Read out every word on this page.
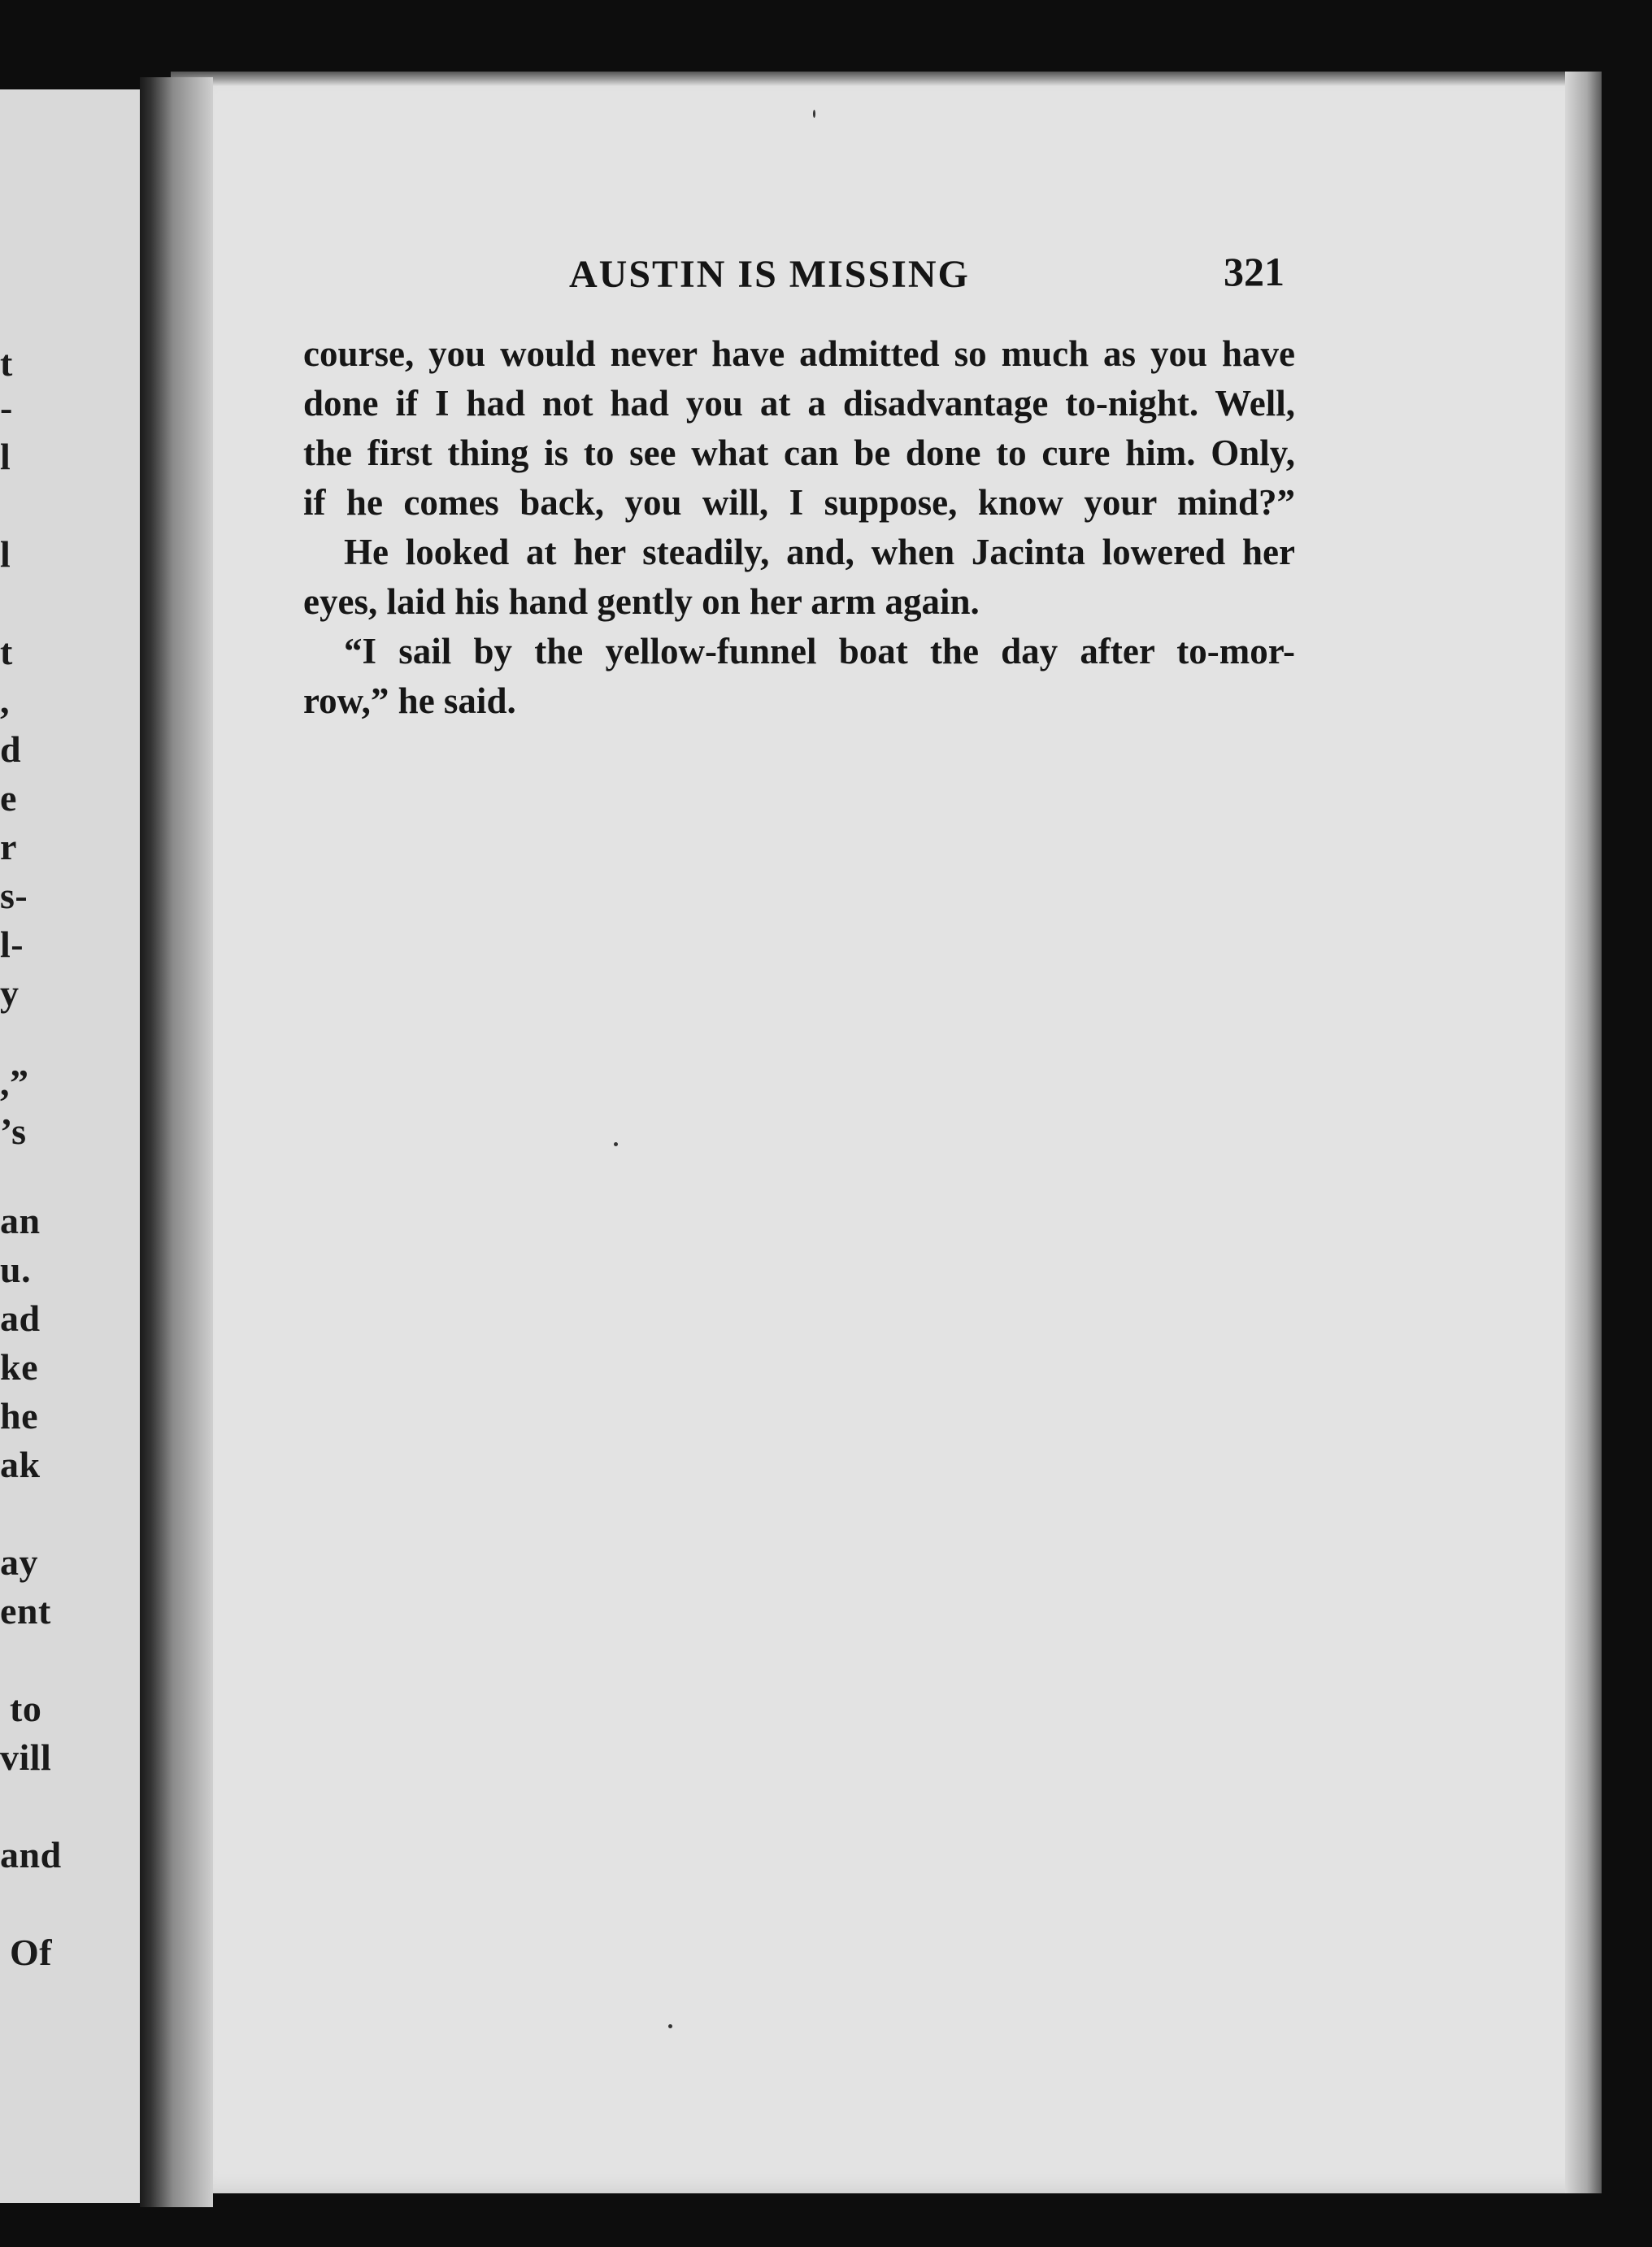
t
-
l
l
t
,
d
e
r
s-
l-
y
,”
’s
an
u.
ad
ke
he
ak
ay
ent
to
vill
and
Of
AUSTIN IS MISSING	321
course, you would never have admitted so much as you have
done if I had not had you at a disadvantage to-night. Well,
the first thing is to see what can be done to cure him. Only,
if he comes back, you will, I suppose, know your mind?”
He looked at her steadily, and, when Jacinta lowered her
eyes, laid his hand gently on her arm again.
“I sail by the yellow-funnel boat the day after to-mor-
row,” he said.
